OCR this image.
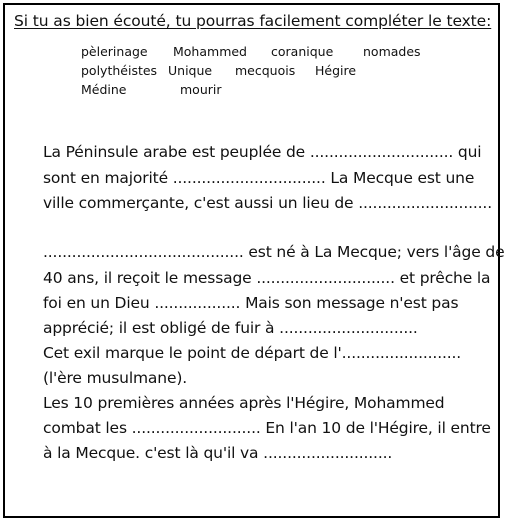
Si tu as bien écouté, tu pourras facilement compléter le texte:
pèlerinage Mohammed coranique nomades
polythéistes Unique mecquois Hégire
Médine	mourir
La Péninsule arabe est peuplée de .............................. qui
sont en majorité ................................ La Mecque est une
ville commerçante, c'est aussi un lieu de ............................
.......................................... est né à La Mecque; vers l'âge de
40 ans, il reçoit le message ............................. et prêche la
foi en un Dieu .................. Mais son message n'est pas
apprécié; il est obligé de fuir à .............................
Cet exil marque le point de départ de l'.........................
(l'ère musulmane).
Les 10 premières années après l'Hégire, Mohammed
combat les ........................... En l'an 10 de l'Hégire, il entre
à la Mecque. c'est là qu'il va ...........................
